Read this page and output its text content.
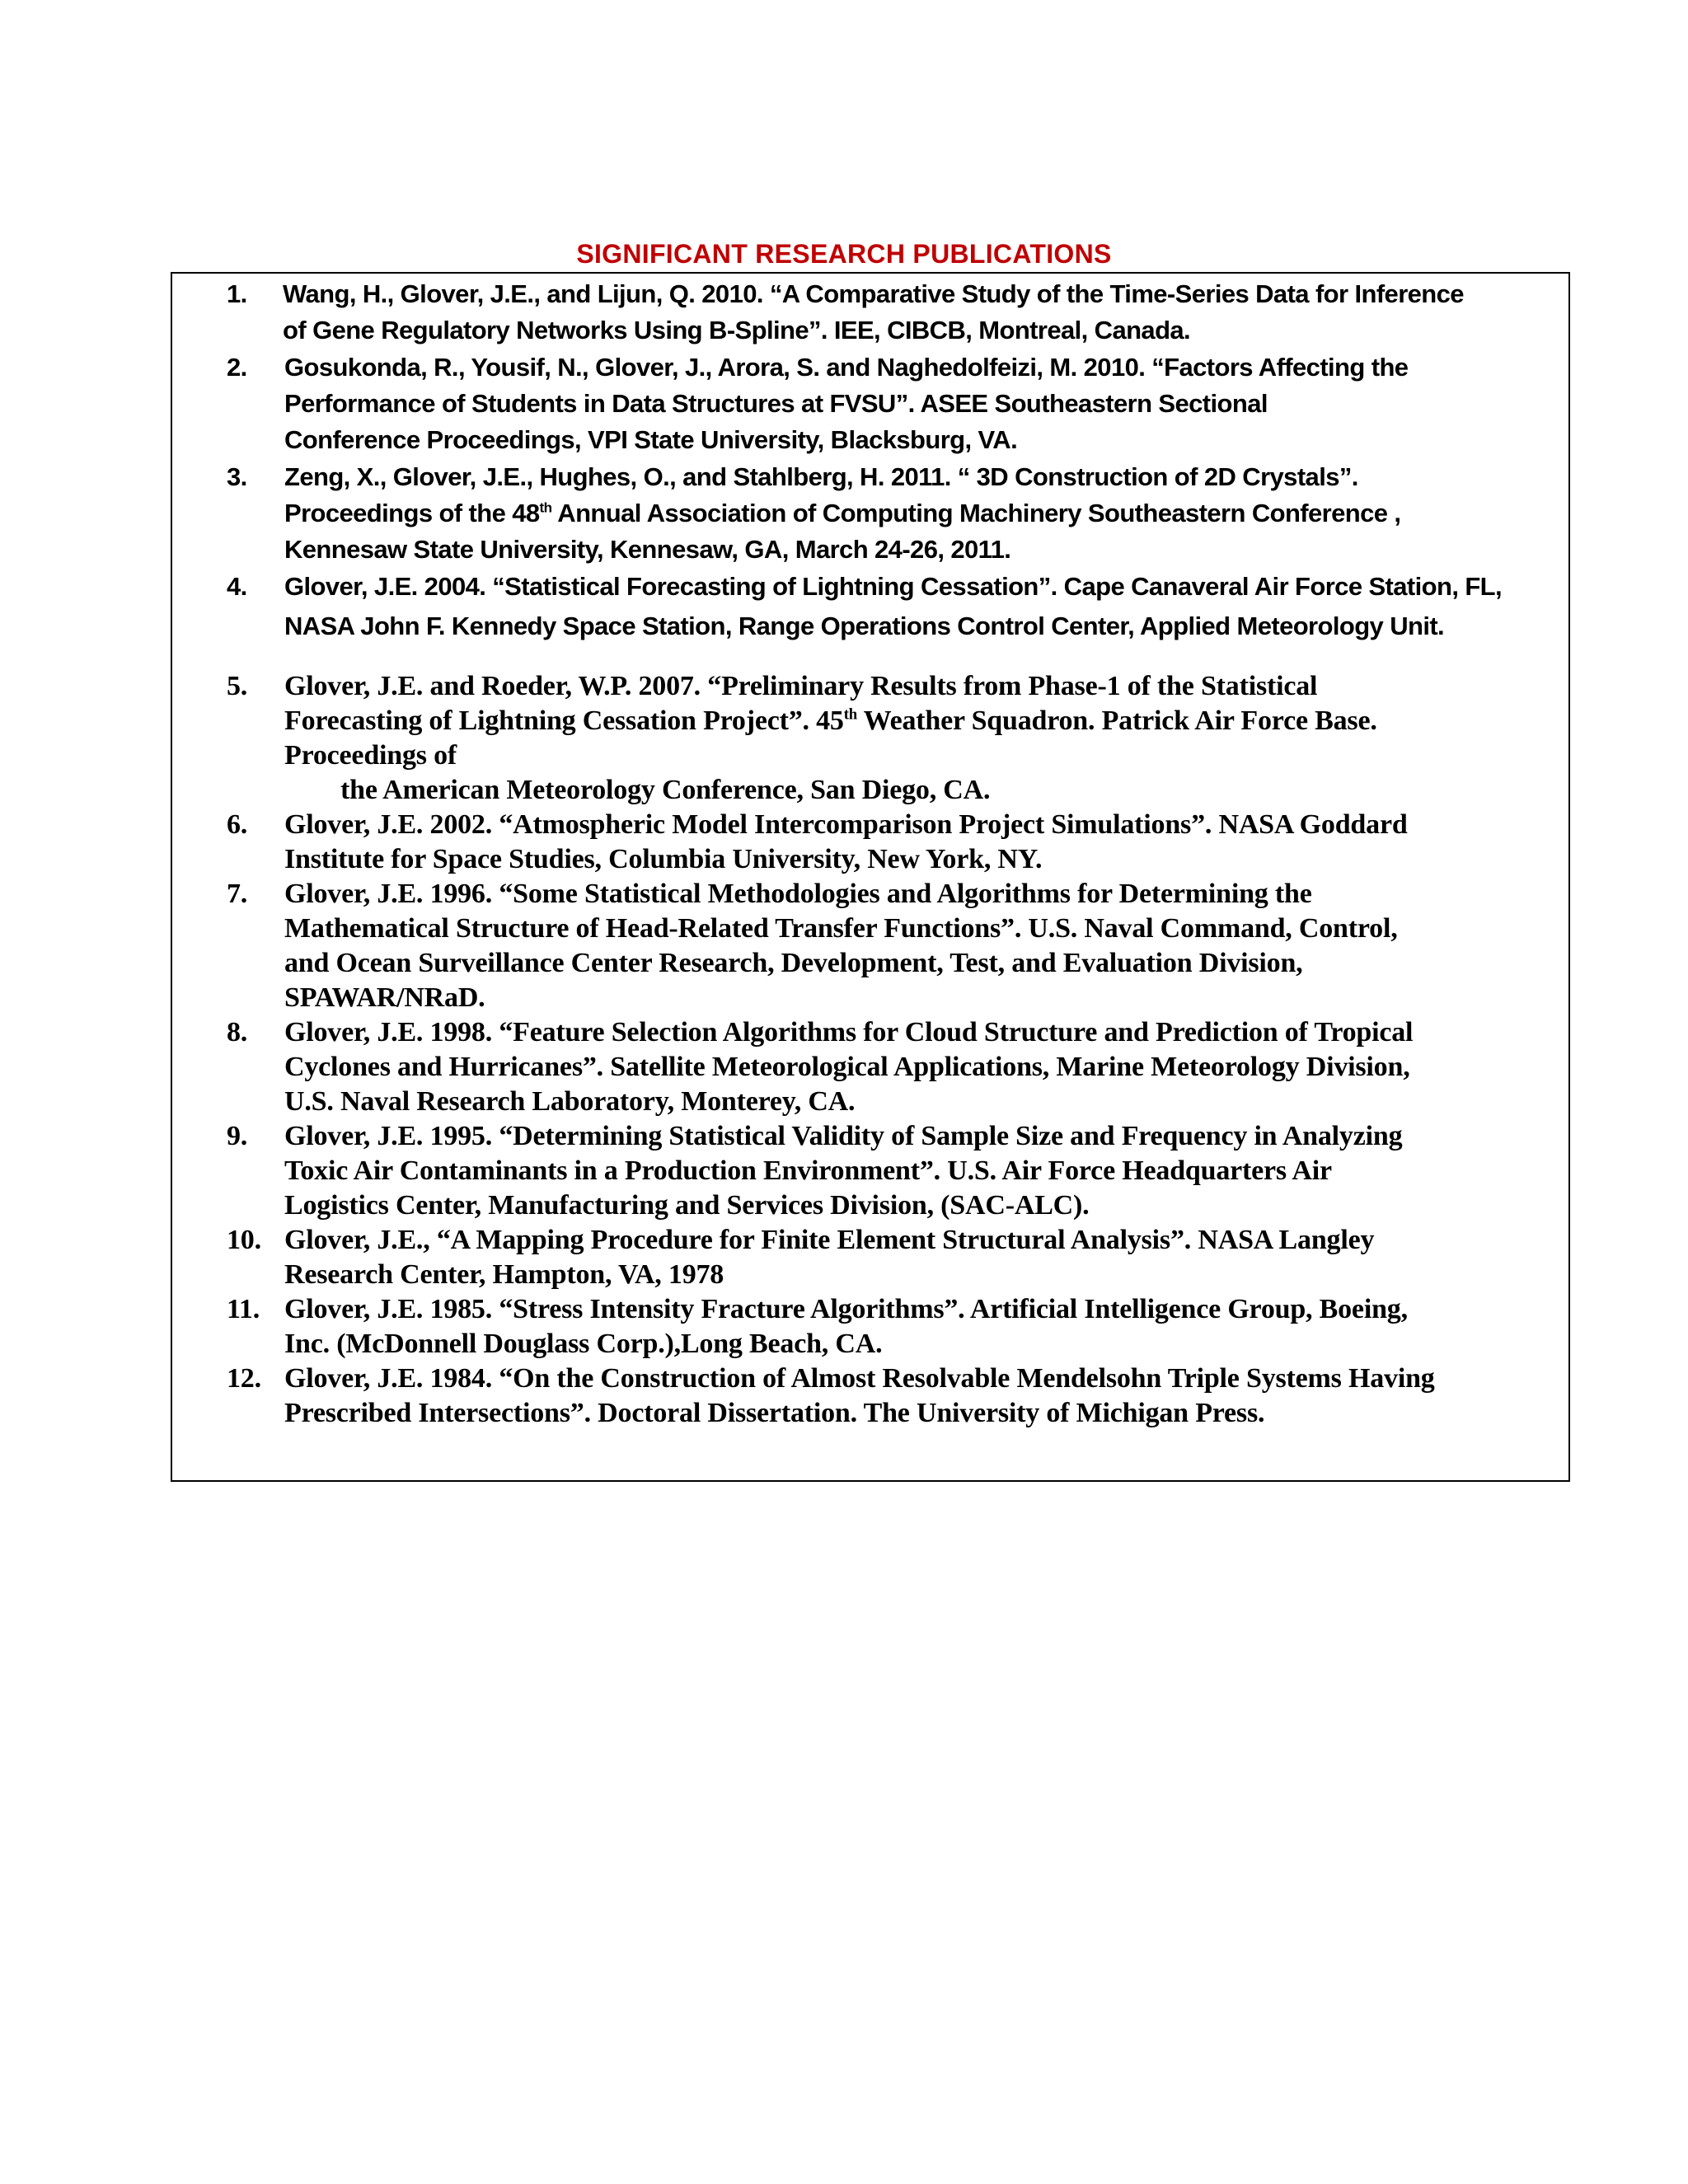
SIGNIFICANT RESEARCH PUBLICATIONS
1. Wang, H., Glover, J.E., and Lijun, Q. 2010. “A Comparative Study of the Time-Series Data for Inference
of Gene Regulatory Networks Using B-Spline”. IEE, CIBCB, Montreal, Canada.
2. Gosukonda, R., Yousif, N., Glover, J., Arora, S. and Naghedolfeizi, M. 2010. “Factors Affecting the
Performance of Students in Data Structures at FVSU”. ASEE Southeastern Sectional
Conference Proceedings, VPI State University, Blacksburg, VA.
3. Zeng, X., Glover, J.E., Hughes, O., and Stahlberg, H. 2011. “ 3D Construction of 2D Crystals”.
Proceedings of the 48th Annual Association of Computing Machinery Southeastern Conference ,
Kennesaw State University, Kennesaw, GA, March 24-26, 2011.
4. Glover, J.E. 2004. “Statistical Forecasting of Lightning Cessation”. Cape Canaveral Air Force Station, FL,
NASA John F. Kennedy Space Station, Range Operations Control Center, Applied Meteorology Unit.
5. Glover, J.E. and Roeder, W.P. 2007. “Preliminary Results from Phase-1 of the Statistical
Forecasting of Lightning Cessation Project”. 45th Weather Squadron. Patrick Air Force Base.
Proceedings of
the American Meteorology Conference, San Diego, CA.
6. Glover, J.E. 2002. “Atmospheric Model Intercomparison Project Simulations”. NASA Goddard
Institute for Space Studies, Columbia University, New York, NY.
7. Glover, J.E. 1996. “Some Statistical Methodologies and Algorithms for Determining the
Mathematical Structure of Head-Related Transfer Functions”. U.S. Naval Command, Control,
and Ocean Surveillance Center Research, Development, Test, and Evaluation Division,
SPAWAR/NRaD.
8. Glover, J.E. 1998. “Feature Selection Algorithms for Cloud Structure and Prediction of Tropical
Cyclones and Hurricanes”. Satellite Meteorological Applications, Marine Meteorology Division,
U.S. Naval Research Laboratory, Monterey, CA.
9. Glover, J.E. 1995. “Determining Statistical Validity of Sample Size and Frequency in Analyzing
Toxic Air Contaminants in a Production Environment”. U.S. Air Force Headquarters Air
Logistics Center, Manufacturing and Services Division, (SAC-ALC).
10. Glover, J.E., “A Mapping Procedure for Finite Element Structural Analysis”. NASA Langley
Research Center, Hampton, VA, 1978
11. Glover, J.E. 1985. “Stress Intensity Fracture Algorithms”. Artificial Intelligence Group, Boeing,
Inc. (McDonnell Douglass Corp.),Long Beach, CA.
12. Glover, J.E. 1984. “On the Construction of Almost Resolvable Mendelsohn Triple Systems Having
Prescribed Intersections”. Doctoral Dissertation. The University of Michigan Press.
